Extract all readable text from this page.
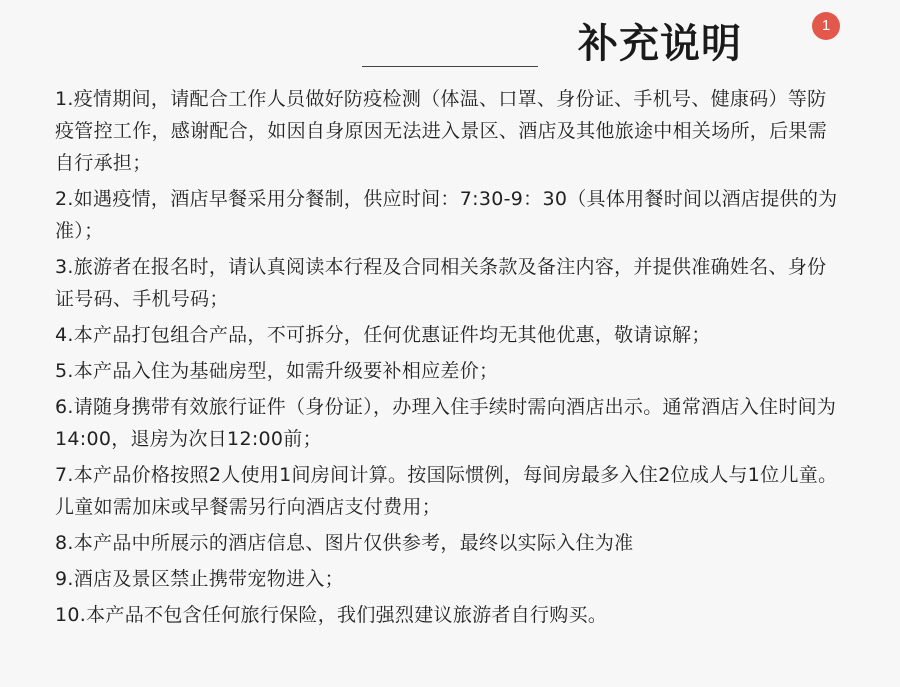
补充说明	1

1.疫情期间，请配合工作人员做好防疫检测（体温、口罩、身份证、手机号、健康码）等防疫管控工作，感谢配合，如因自身原因无法进入景区、酒店及其他旅途中相关场所，后果需自行承担；

2.如遇疫情，酒店早餐采用分餐制，供应时间：7:30-9：30（具体用餐时间以酒店提供的为准）；

3.旅游者在报名时，请认真阅读本行程及合同相关条款及备注内容，并提供准确姓名、身份证号码、手机号码；

4.本产品打包组合产品，不可拆分，任何优惠证件均无其他优惠，敬请谅解；

5.本产品入住为基础房型，如需升级要补相应差价；

6.请随身携带有效旅行证件（身份证），办理入住手续时需向酒店出示。通常酒店入住时间为14:00，退房为次日12:00前；

7.本产品价格按照2人使用1间房间计算。按国际惯例，每间房最多入住2位成人与1位儿童。儿童如需加床或早餐需另行向酒店支付费用；

8.本产品中所展示的酒店信息、图片仅供参考，最终以实际入住为准

9.酒店及景区禁止携带宠物进入；

10.本产品不包含任何旅行保险，我们强烈建议旅游者自行购买。
